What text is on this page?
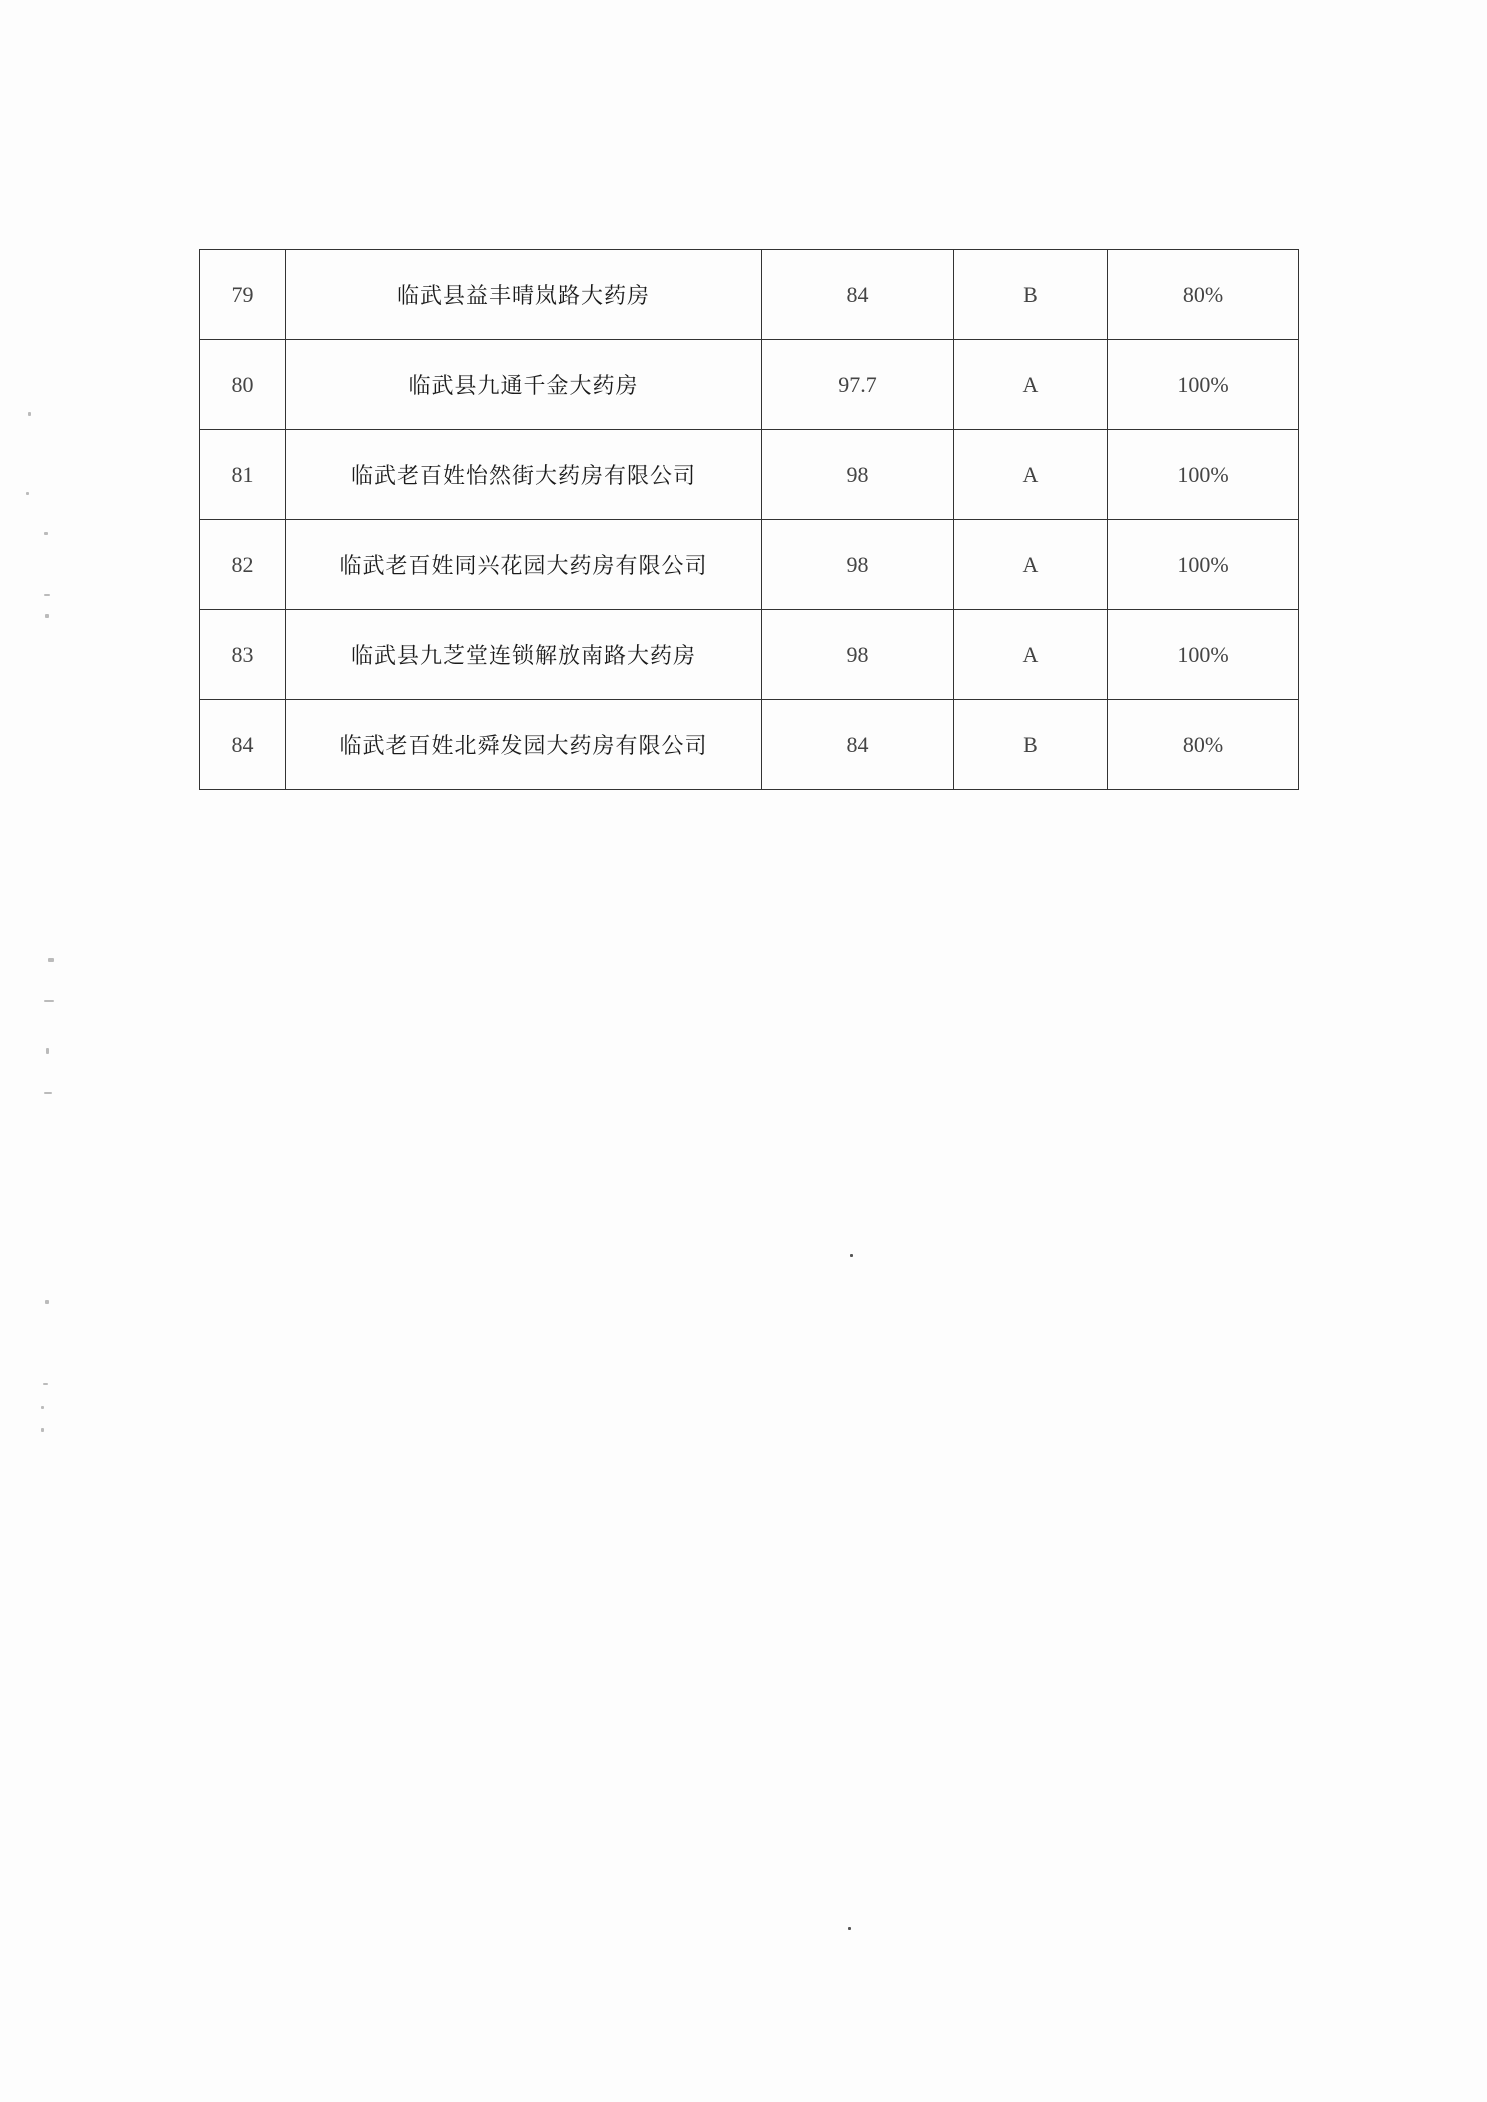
79	临武县益丰晴岚路大药房	84	B	80%
80	临武县九通千金大药房	97.7	A	100%
81	临武老百姓怡然街大药房有限公司	98	A	100%
82	临武老百姓同兴花园大药房有限公司	98	A	100%
83	临武县九芝堂连锁解放南路大药房	98	A	100%
84	临武老百姓北舜发园大药房有限公司	84	B	80%
